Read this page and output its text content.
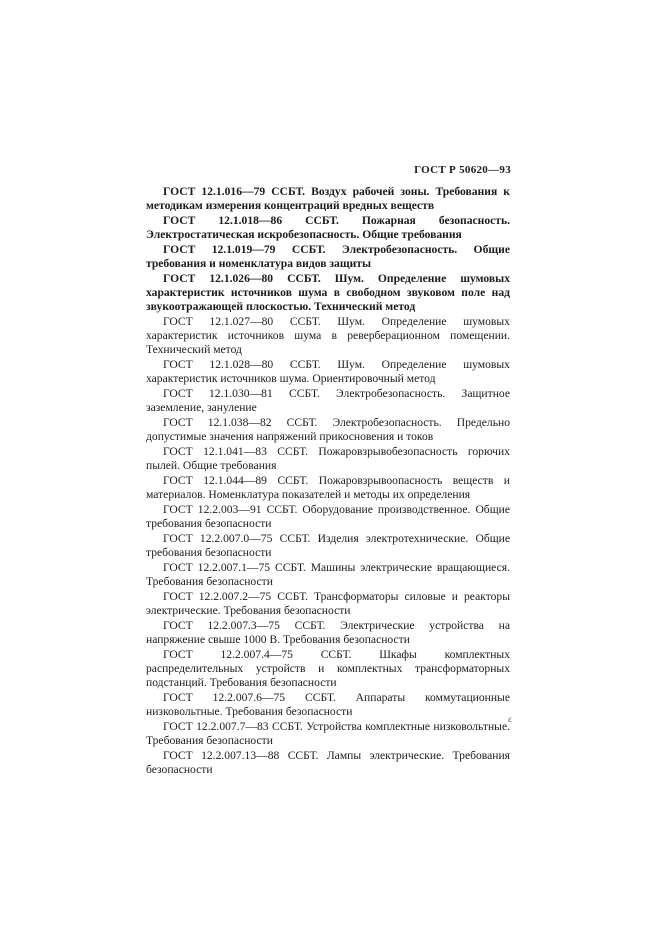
ГОСТ Р 50620—93

ГОСТ 12.1.016—79 ССБТ. Воздух рабочей зоны. Требования к методикам измерения концентраций вредных веществ

ГОСТ 12.1.018—86 ССБТ. Пожарная безопасность. Электростатическая искробезопасность. Общие требования

ГОСТ 12.1.019—79 ССБТ. Электробезопасность. Общие требования и номенклатура видов защиты

ГОСТ 12.1.026—80 ССБТ. Шум. Определение шумовых характеристик источников шума в свободном звуковом поле над звукоотражающей плоскостью. Технический метод

ГОСТ 12.1.027—80 ССБТ. Шум. Определение шумовых характеристик источников шума в реверберационном помещении. Технический метод

ГОСТ 12.1.028—80 ССБТ. Шум. Определение шумовых характеристик источников шума. Ориентировочный метод

ГОСТ 12.1.030—81 ССБТ. Электробезопасность. Защитное заземление, зануление

ГОСТ 12.1.038—82 ССБТ. Электробезопасность. Предельно допустимые значения напряжений прикосновения и токов

ГОСТ 12.1.041—83 ССБТ. Пожаровзрывобезопасность горючих пылей. Общие требования

ГОСТ 12.1.044—89 ССБТ. Пожаровзрывоопасность веществ и материалов. Номенклатура показателей и методы их определения

ГОСТ 12.2.003—91 ССБТ. Оборудование производственное. Общие требования безопасности

ГОСТ 12.2.007.0—75 ССБТ. Изделия электротехнические. Общие требования безопасности

ГОСТ 12.2.007.1—75 ССБТ. Машины электрические вращающиеся. Требования безопасности

ГОСТ 12.2.007.2—75 ССБТ. Трансформаторы силовые и реакторы электрические. Требования безопасности

ГОСТ 12.2.007.3—75 ССБТ. Электрические устройства на напряжение свыше 1000 В. Требования безопасности

ГОСТ 12.2.007.4—75 ССБТ. Шкафы комплектных распределительных устройств и комплектных трансформаторных подстанций. Требования безопасности

ГОСТ 12.2.007.6—75 ССБТ. Аппараты коммутационные низковольтные. Требования безопасности

ГОСТ 12.2.007.7—83 ССБТ. Устройства комплектные низковольтные. Требования безопасности

ГОСТ 12.2.007.13—88 ССБТ. Лампы электрические. Требования безопасности

ε
